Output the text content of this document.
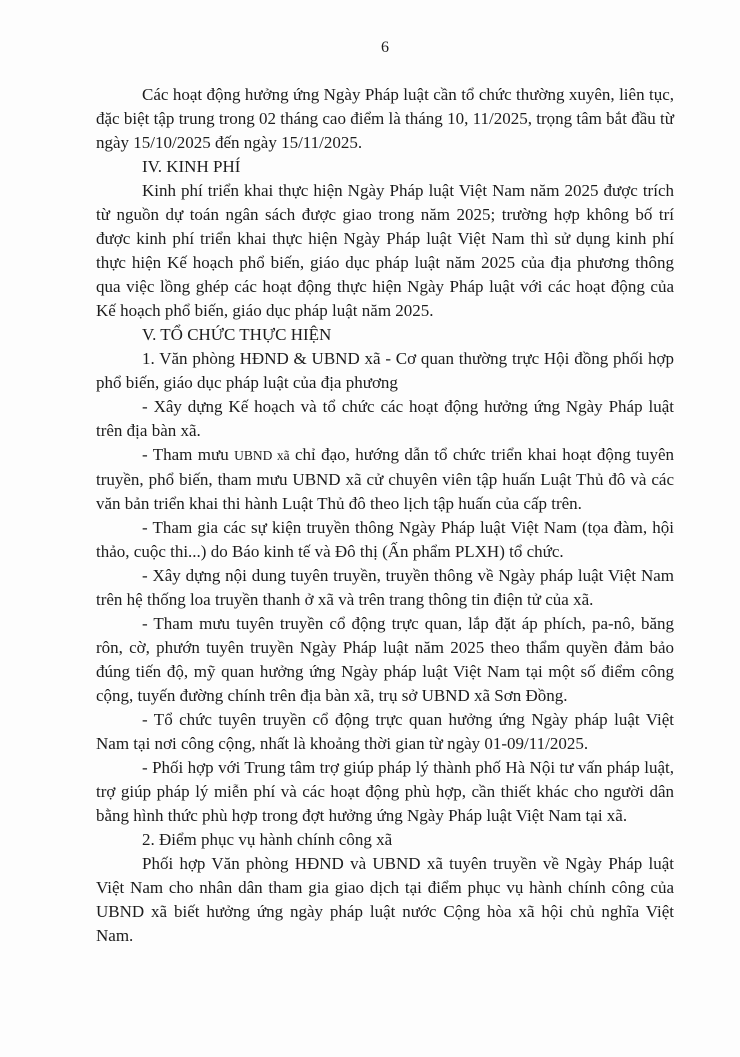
6

Các hoạt động hưởng ứng Ngày Pháp luật cần tổ chức thường xuyên, liên tục, đặc biệt tập trung trong 02 tháng cao điểm là tháng 10, 11/2025, trọng tâm bắt đầu từ ngày 15/10/2025 đến ngày 15/11/2025.

IV. KINH PHÍ

Kinh phí triển khai thực hiện Ngày Pháp luật Việt Nam năm 2025 được trích từ nguồn dự toán ngân sách được giao trong năm 2025; trường hợp không bố trí được kinh phí triển khai thực hiện Ngày Pháp luật Việt Nam thì sử dụng kinh phí thực hiện Kế hoạch phổ biến, giáo dục pháp luật năm 2025 của địa phương thông qua việc lồng ghép các hoạt động thực hiện Ngày Pháp luật với các hoạt động của Kế hoạch phổ biến, giáo dục pháp luật năm 2025.

V. TỔ CHỨC THỰC HIỆN
1. Văn phòng HĐND & UBND xã - Cơ quan thường trực Hội đồng phối hợp phổ biến, giáo dục pháp luật của địa phương

- Xây dựng Kế hoạch và tổ chức các hoạt động hưởng ứng Ngày Pháp luật trên địa bàn xã.

- Tham mưu UBND xã chỉ đạo, hướng dẫn tổ chức triển khai hoạt động tuyên truyền, phổ biến, tham mưu UBND xã cử chuyên viên tập huấn Luật Thủ đô và các văn bản triển khai thi hành Luật Thủ đô theo lịch tập huấn của cấp trên.

- Tham gia các sự kiện truyền thông Ngày Pháp luật Việt Nam (tọa đàm, hội thảo, cuộc thi...) do Báo kinh tế và Đô thị (Ấn phẩm PLXH) tổ chức.

- Xây dựng nội dung tuyên truyền, truyền thông về Ngày pháp luật Việt Nam trên hệ thống loa truyền thanh ở xã và trên trang thông tin điện tử của xã.

- Tham mưu tuyên truyền cổ động trực quan, lắp đặt áp phích, pa-nô, băng rôn, cờ, phướn tuyên truyền Ngày Pháp luật năm 2025 theo thẩm quyền đảm bảo đúng tiến độ, mỹ quan hưởng ứng Ngày pháp luật Việt Nam tại một số điểm công cộng, tuyến đường chính trên địa bàn xã, trụ sở UBND xã Sơn Đồng.

- Tổ chức tuyên truyền cổ động trực quan hưởng ứng Ngày pháp luật Việt Nam tại nơi công cộng, nhất là khoảng thời gian từ ngày 01-09/11/2025.

- Phối hợp với Trung tâm trợ giúp pháp lý thành phố Hà Nội tư vấn pháp luật, trợ giúp pháp lý miễn phí và các hoạt động phù hợp, cần thiết khác cho người dân bằng hình thức phù hợp trong đợt hưởng ứng Ngày Pháp luật Việt Nam tại xã.

2. Điểm phục vụ hành chính công xã

Phối hợp Văn phòng HĐND và UBND xã tuyên truyền về Ngày Pháp luật Việt Nam cho nhân dân tham gia giao dịch tại điểm phục vụ hành chính công của UBND xã biết hưởng ứng ngày pháp luật nước Cộng hòa xã hội chủ nghĩa Việt Nam.
